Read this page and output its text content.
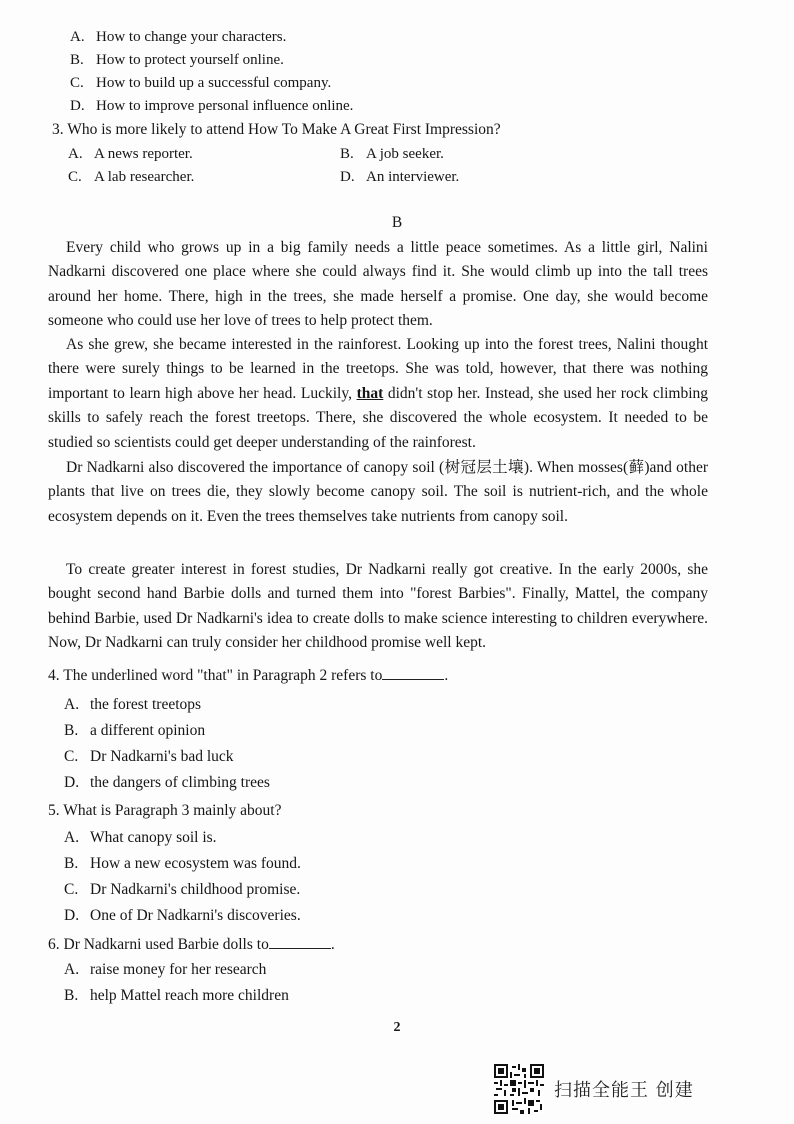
A. How to change your characters.
B. How to protect yourself online.
C. How to build up a successful company.
D. How to improve personal influence online.
3. Who is more likely to attend How To Make A Great First Impression?
A. A news reporter.	B. A job seeker.
C. A lab researcher.	D. An interviewer.
B
Every child who grows up in a big family needs a little peace sometimes. As a little girl, Nalini Nadkarni discovered one place where she could always find it. She would climb up into the tall trees around her home. There, high in the trees, she made herself a promise. One day, she would become someone who could use her love of trees to help protect them.
As she grew, she became interested in the rainforest. Looking up into the forest trees, Nalini thought there were surely things to be learned in the treetops. She was told, however, that there was nothing important to learn high above her head. Luckily, that didn't stop her. Instead, she used her rock climbing skills to safely reach the forest treetops. There, she discovered the whole ecosystem. It needed to be studied so scientists could get deeper understanding of the rainforest.
Dr Nadkarni also discovered the importance of canopy soil (树冠层土壤). When mosses(藓)and other plants that live on trees die, they slowly become canopy soil. The soil is nutrient-rich, and the whole ecosystem depends on it. Even the trees themselves take nutrients from canopy soil.
To create greater interest in forest studies, Dr Nadkarni really got creative. In the early 2000s, she bought second hand Barbie dolls and turned them into "forest Barbies". Finally, Mattel, the company behind Barbie, used Dr Nadkarni's idea to create dolls to make science interesting to children everywhere. Now, Dr Nadkarni can truly consider her childhood promise well kept.
4. The underlined word "that" in Paragraph 2 refers to	.
A. the forest treetops
B. a different opinion
C. Dr Nadkarni's bad luck
D. the dangers of climbing trees
5. What is Paragraph 3 mainly about?
A. What canopy soil is.
B. How a new ecosystem was found.
C. Dr Nadkarni's childhood promise.
D. One of Dr Nadkarni's discoveries.
6. Dr Nadkarni used Barbie dolls to	.
A. raise money for her research
B. help Mattel reach more children
2
扫描全能王 创建
